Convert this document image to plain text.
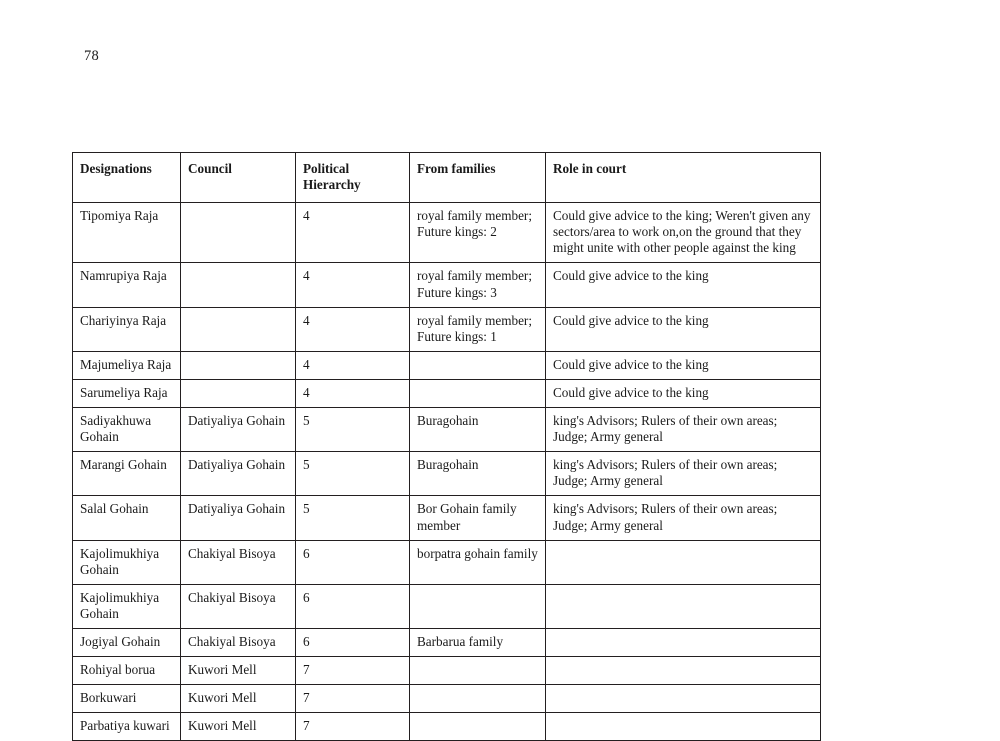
78
Designations	Council	Political Hierarchy	From families	Role in court
Tipomiya Raja		4	royal family member; Future kings: 2	Could give advice to the king; Weren't given any sectors/area to work on,on the ground that they might unite with other people against the king
Namrupiya Raja		4	royal family member; Future kings: 3	Could give advice to the king
Chariyinya Raja		4	royal family member; Future kings: 1	Could give advice to the king
Majumeliya Raja		4		Could give advice to the king
Sarumeliya Raja		4		Could give advice to the king
Sadiyakhuwa Gohain	Datiyaliya Gohain	5	Buragohain	king's Advisors; Rulers of their own areas; Judge; Army general
Marangi Gohain	Datiyaliya Gohain	5	Buragohain	king's Advisors; Rulers of their own areas; Judge; Army general
Salal Gohain	Datiyaliya Gohain	5	Bor Gohain family member	king's Advisors; Rulers of their own areas; Judge; Army general
Kajolimukhiya Gohain	Chakiyal Bisoya	6	borpatra gohain family	
Kajolimukhiya Gohain	Chakiyal Bisoya	6		
Jogiyal Gohain	Chakiyal Bisoya	6	Barbarua family	
Rohiyal borua	Kuwori Mell	7		
Borkuwari	Kuwori Mell	7		
Parbatiya kuwari	Kuwori Mell	7		
